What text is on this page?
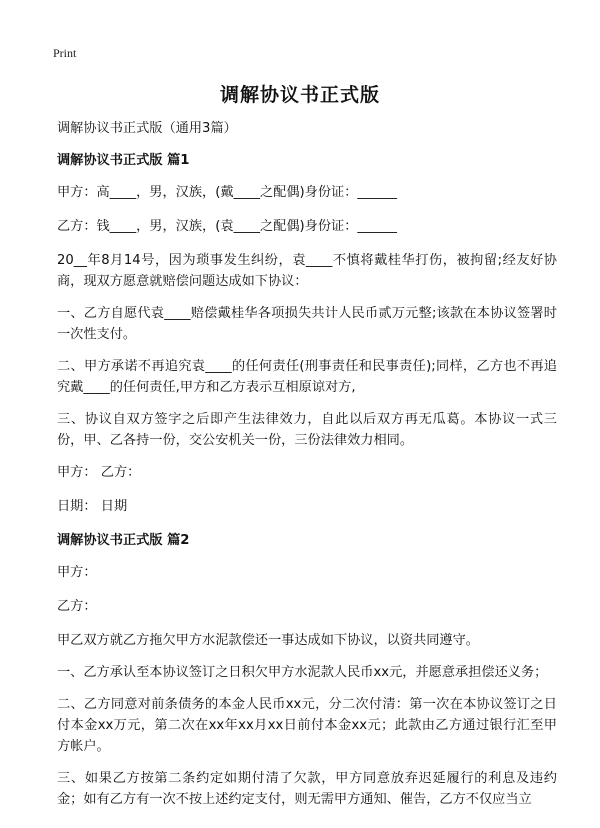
Print
调解协议书正式版

调解协议书正式版（通用3篇）

调解协议书正式版 篇1

甲方：高____，男，汉族，(戴____之配偶)身份证：______

乙方：钱____，男，汉族，(袁____之配偶)身份证：______

20__年8月14号，因为琐事发生纠纷，袁____不慎将戴桂华打伤，被拘留;经友好协商，现双方愿意就赔偿问题达成如下协议：

一、乙方自愿代袁____赔偿戴桂华各项损失共计人民币贰万元整;该款在本协议签署时一次性支付。

二、甲方承诺不再追究袁____的任何责任(刑事责任和民事责任);同样，乙方也不再追究戴____的任何责任,甲方和乙方表示互相原谅对方,

三、协议自双方签字之后即产生法律效力，自此以后双方再无瓜葛。本协议一式三份，甲、乙各持一份，交公安机关一份，三份法律效力相同。

甲方： 乙方：

日期： 日期

调解协议书正式版 篇2

甲方：

乙方：

甲乙双方就乙方拖欠甲方水泥款偿还一事达成如下协议，以资共同遵守。

一、乙方承认至本协议签订之日积欠甲方水泥款人民币xx元，并愿意承担偿还义务；

二、乙方同意对前条债务的本金人民币xx元，分二次付清：第一次在本协议签订之日付本金xx万元，第二次在xx年xx月xx日前付本金xx元；此款由乙方通过银行汇至甲方帐户。

三、如果乙方按第二条约定如期付清了欠款，甲方同意放弃迟延履行的利息及违约金；如有乙方有一次不按上述约定支付，则无需甲方通知、催告，乙方不仅应当立
